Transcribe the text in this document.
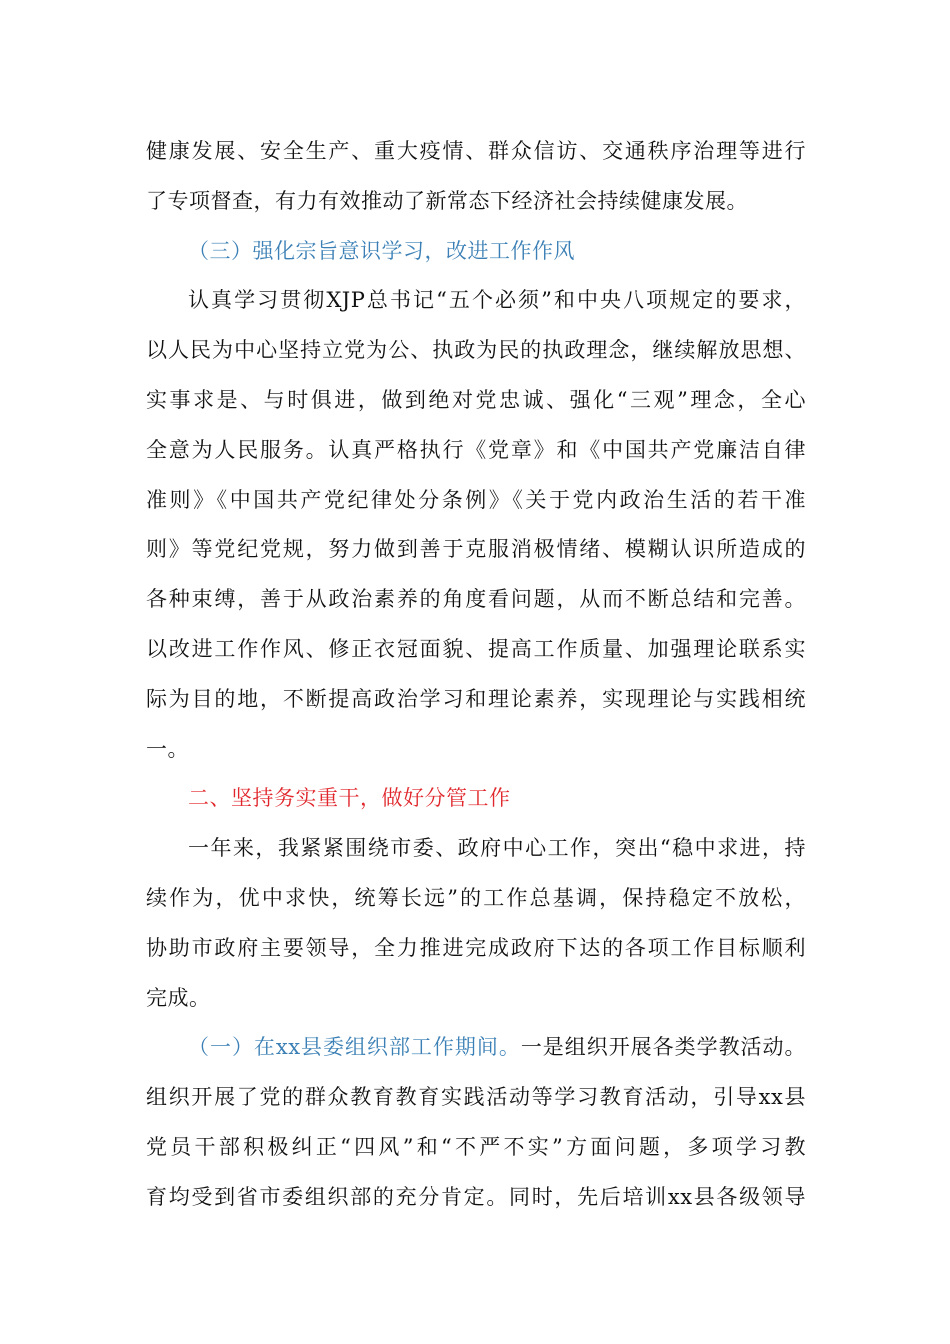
健康发展、安全生产、重大疫情、群众信访、交通秩序治理等进行
了专项督查，有力有效推动了新常态下经济社会持续健康发展。
（三）强化宗旨意识学习，改进工作作风
认真学习贯彻XJP总书记“五个必须”和中央八项规定的要求，
以人民为中心坚持立党为公、执政为民的执政理念，继续解放思想、
实事求是、与时俱进，做到绝对党忠诚、强化“三观”理念，全心
全意为人民服务。认真严格执行《党章》和《中国共产党廉洁自律
准则》《中国共产党纪律处分条例》《关于党内政治生活的若干准
则》等党纪党规，努力做到善于克服消极情绪、模糊认识所造成的
各种束缚，善于从政治素养的角度看问题，从而不断总结和完善。
以改进工作作风、修正衣冠面貌、提高工作质量、加强理论联系实
际为目的地，不断提高政治学习和理论素养，实现理论与实践相统
一。
二、坚持务实重干，做好分管工作
一年来，我紧紧围绕市委、政府中心工作，突出“稳中求进，持
续作为，优中求快，统筹长远”的工作总基调，保持稳定不放松，
协助市政府主要领导，全力推进完成政府下达的各项工作目标顺利
完成。
（一）在xx县委组织部工作期间。一是组织开展各类学教活动。
组织开展了党的群众教育教育实践活动等学习教育活动，引导xx县
党员干部积极纠正“四风”和“不严不实”方面问题，多项学习教
育均受到省市委组织部的充分肯定。同时，先后培训xx县各级领导
